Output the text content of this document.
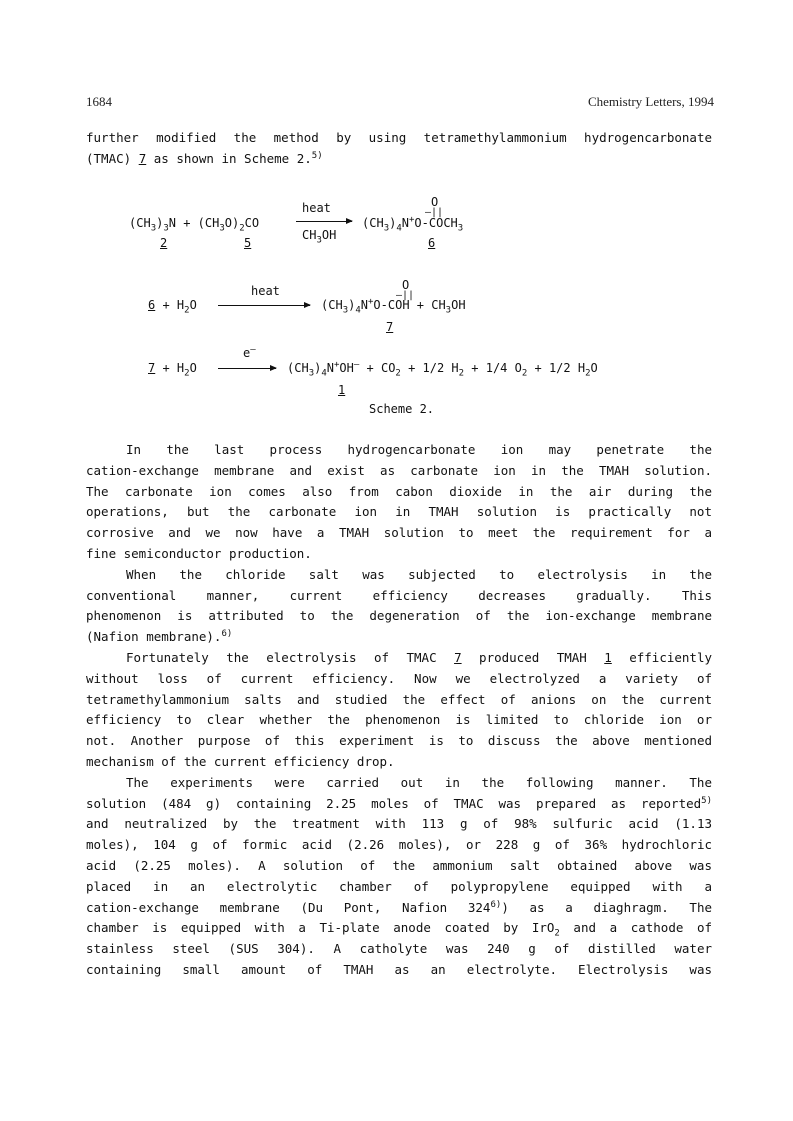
1684	Chemistry Letters, 1994
further modified the method by using tetramethylammonium hydrogencarbonate
(TMAC) 7 as shown in Scheme 2.$^{5)}$
$(CH_3)_3N + (CH_3O)_2CO$
2	5
heat
$CH_3OH$
O
–||
$(CH_3)_4N^+O-COCH_3$
6
$6 + H_2O$
heat	O
–||
$(CH_3)_4N^+O$-COH + $CH_3OH$
7
$7 + H_2O$
e–
→ $(CH_3)_4N^+OH^- + CO_2 + 1/2$ $H_2 + 1/4$ $O_2 + 1/2$ $H_2O$
1
Scheme 2.
In the last process hydrogencarbonate ion may penetrate the
cation-exchange membrane and exist as carbonate ion in the TMAH solution.
The carbonate ion comes also from cabon dioxide in the air during the
operations, but the carbonate ion in TMAH solution is practically not
corrosive and we now have a TMAH solution to meet the requirement for a
fine semiconductor production.
When the chloride salt was subjected to electrolysis in the
conventional manner, current efficiency decreases gradually. This
phenomenon is attributed to the degeneration of the ion-exchange membrane
(Nafion membrane).$^{6)}$
Fortunately the electrolysis of TMAC 7 produced TMAH 1 efficiently
without loss of current efficiency. Now we electrolyzed a variety of
tetramethylammonium salts and studied the effect of anions on the current
efficiency to clear whether the phenomenon is limited to chloride ion or
not. Another purpose of this experiment is to discuss the above mentioned
mechanism of the current efficiency drop.
The experiments were carried out in the following manner. The
solution (484 g) containing 2.25 moles of TMAC was prepared as reported$^{5)}$
and neutralized by the treatment with 113 g of 98% sulfuric acid (1.13
moles), 104 g of formic acid (2.26 moles), or 228 g of 36% hydrochloric
acid (2.25 moles). A solution of the ammonium salt obtained above was
placed in an electrolytic chamber of polypropylene equipped with a
cation-exchange membrane (Du Pont, Nafion 324$^{6)}$) as a diaghragm. The
chamber is equipped with a Ti-plate anode coated by IrO$_2$ and a cathode of
stainless steel (SUS 304). A catholyte was 240 g of distilled water
containing small amount of TMAH as an electrolyte. Electrolysis was
